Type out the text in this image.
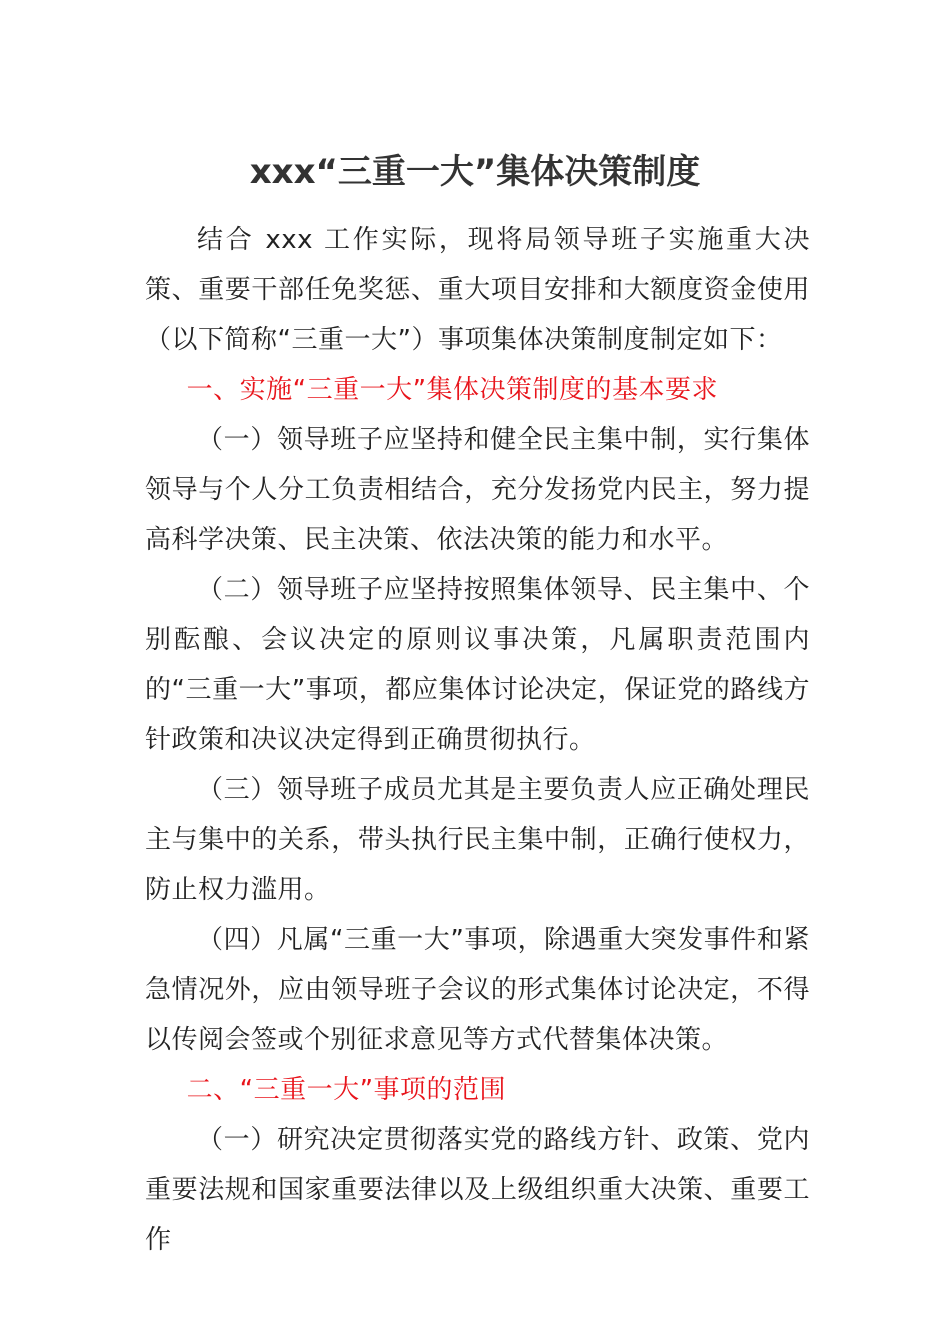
xxx“三重一大”集体决策制度

结合 xxx 工作实际，现将局领导班子实施重大决策、重要干部任免奖惩、重大项目安排和大额度资金使用（以下简称“三重一大”）事项集体决策制度制定如下：

一、实施“三重一大”集体决策制度的基本要求

（一）领导班子应坚持和健全民主集中制，实行集体领导与个人分工负责相结合，充分发扬党内民主，努力提高科学决策、民主决策、依法决策的能力和水平。

（二）领导班子应坚持按照集体领导、民主集中、个别酝酿、会议决定的原则议事决策，凡属职责范围内的“三重一大”事项，都应集体讨论决定，保证党的路线方针政策和决议决定得到正确贯彻执行。

（三）领导班子成员尤其是主要负责人应正确处理民主与集中的关系，带头执行民主集中制，正确行使权力，防止权力滥用。

（四）凡属“三重一大”事项，除遇重大突发事件和紧急情况外，应由领导班子会议的形式集体讨论决定，不得以传阅会签或个别征求意见等方式代替集体决策。

二、“三重一大”事项的范围

（一）研究决定贯彻落实党的路线方针、政策、党内重要法规和国家重要法律以及上级组织重大决策、重要工作
